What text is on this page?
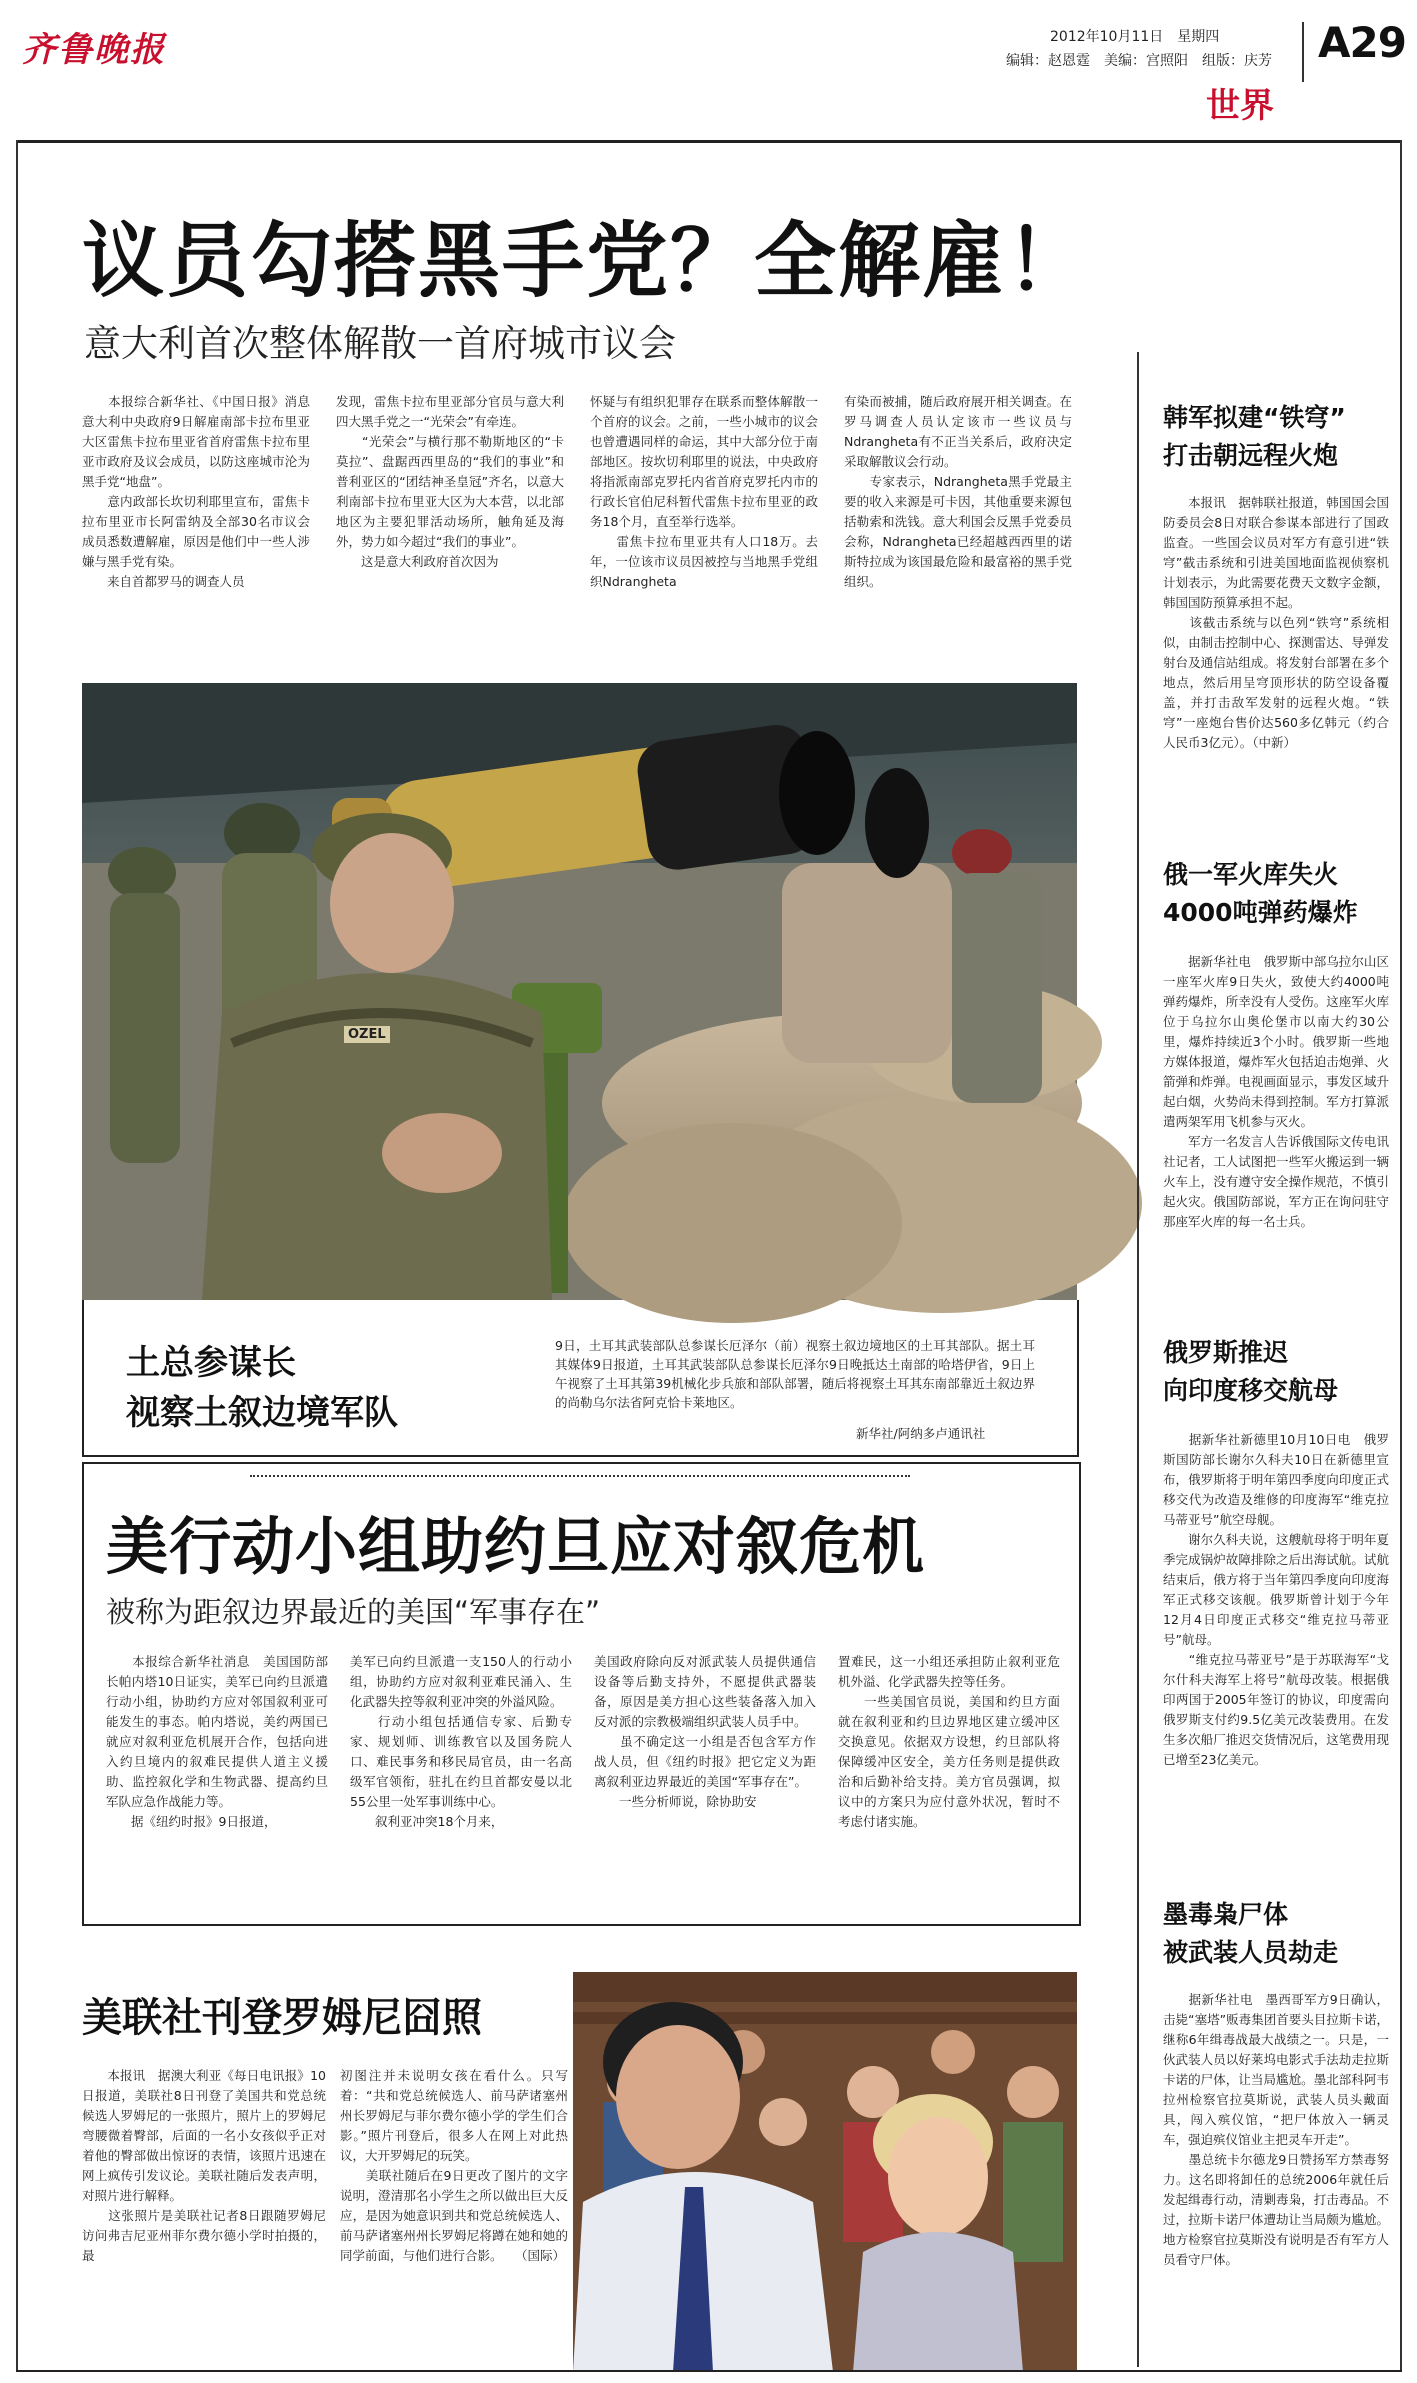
齐鲁晚报	2012年10月11日　星期四
编辑：赵恩霆　美编：宫照阳　组版：庆芳 A29
世界
议员勾搭黑手党？全解雇！
意大利首次整体解散一首府城市议会
　　本报综合新华社、《中国日报》消息　意大利中央政府9日解雇南部卡拉布里亚大区雷焦卡拉布里亚省首府雷焦卡拉布里亚市政府及议会成员，以防这座城市沦为黑手党“地盘”。
　　意内政部长坎切利耶里宣布，雷焦卡拉布里亚市长阿雷纳及全部30名市议会成员悉数遭解雇，原因是他们中一些人涉嫌与黑手党有染。
　　来自首都罗马的调查人员
发现，雷焦卡拉布里亚部分官员与意大利四大黑手党之一“光荣会”有牵连。
　　“光荣会”与横行那不勒斯地区的“卡莫拉”、盘踞西西里岛的“我们的事业”和普利亚区的“团结神圣皇冠”齐名，以意大利南部卡拉布里亚大区为大本营，以北部地区为主要犯罪活动场所，触角延及海外，势力如今超过“我们的事业”。
　　这是意大利政府首次因为
怀疑与有组织犯罪存在联系而整体解散一个首府的议会。之前，一些小城市的议会也曾遭遇同样的命运，其中大部分位于南部地区。按坎切利耶里的说法，中央政府将指派南部克罗托内省首府克罗托内市的行政长官伯尼科暂代雷焦卡拉布里亚的政务18个月，直至举行选举。
　　雷焦卡拉布里亚共有人口18万。去年，一位该市议员因被控与当地黑手党组织Ndrangheta
有染而被捕，随后政府展开相关调查。在罗马调查人员认定该市一些议员与Ndrangheta有不正当关系后，政府决定采取解散议会行动。
　　专家表示，Ndrangheta黑手党最主要的收入来源是可卡因，其他重要来源包括勒索和洗钱。意大利国会反黑手党委员会称，Ndrangheta已经超越西西里的诺斯特拉成为该国最危险和最富裕的黑手党组织。
OZEL
土总参谋长
视察土叙边境军队
9日，土耳其武装部队总参谋长厄泽尔（前）视察土叙边境地区的土耳其部队。据土耳其媒体9日报道，土耳其武装部队总参谋长厄泽尔9日晚抵达土南部的哈塔伊省，9日上午视察了土耳其第39机械化步兵旅和部队部署，随后将视察土耳其东南部靠近土叙边界的尚勒乌尔法省阿克恰卡莱地区。
新华社/阿纳多卢通讯社
美行动小组助约旦应对叙危机
被称为距叙边界最近的美国“军事存在”
　　本报综合新华社消息　美国国防部长帕内塔10日证实，美军已向约旦派遣行动小组，协助约方应对邻国叙利亚可能发生的事态。帕内塔说，美约两国已就应对叙利亚危机展开合作，包括向进入约旦境内的叙难民提供人道主义援助、监控叙化学和生物武器、提高约旦军队应急作战能力等。
　　据《纽约时报》9日报道，
美军已向约旦派遣一支150人的行动小组，协助约方应对叙利亚难民涌入、生化武器失控等叙利亚冲突的外溢风险。
　　行动小组包括通信专家、后勤专家、规划师、训练教官以及国务院人口、难民事务和移民局官员，由一名高级军官领衔，驻扎在约旦首都安曼以北55公里一处军事训练中心。
　　叙利亚冲突18个月来，
美国政府除向反对派武装人员提供通信设备等后勤支持外，不愿提供武器装备，原因是美方担心这些装备落入加入反对派的宗教极端组织武装人员手中。
　　虽不确定这一小组是否包含军方作战人员，但《纽约时报》把它定义为距离叙利亚边界最近的美国“军事存在”。
　　一些分析师说，除协助安
置难民，这一小组还承担防止叙利亚危机外溢、化学武器失控等任务。
　　一些美国官员说，美国和约旦方面就在叙利亚和约旦边界地区建立缓冲区交换意见。依据双方设想，约旦部队将保障缓冲区安全，美方任务则是提供政治和后勤补给支持。美方官员强调，拟议中的方案只为应付意外状况，暂时不考虑付诸实施。
美联社刊登罗姆尼囧照
　　本报讯　据澳大利亚《每日电讯报》10日报道，美联社8日刊登了美国共和党总统候选人罗姆尼的一张照片，照片上的罗姆尼弯腰微着臀部，后面的一名小女孩似乎正对着他的臀部做出惊讶的表情，该照片迅速在网上疯传引发议论。美联社随后发表声明，对照片进行解释。
　　这张照片是美联社记者8日跟随罗姆尼访问弗吉尼亚州菲尔费尔德小学时拍摄的，最
初图注并未说明女孩在看什么。只写着：“共和党总统候选人、前马萨诸塞州州长罗姆尼与菲尔费尔德小学的学生们合影。”照片刊登后，很多人在网上对此热议，大开罗姆尼的玩笑。
　　美联社随后在9日更改了图片的文字说明，澄清那名小学生之所以做出巨大反应，是因为她意识到共和党总统候选人、前马萨诸塞州州长罗姆尼将蹲在她和她的同学前面，与他们进行合影。　　（国际）
韩军拟建“铁穹”
打击朝远程火炮
　　本报讯　据韩联社报道，韩国国会国防委员会8日对联合参谋本部进行了国政监查。一些国会议员对军方有意引进“铁穹”截击系统和引进美国地面监视侦察机计划表示，为此需要花费天文数字金额，韩国国防预算承担不起。
　　该截击系统与以色列“铁穹”系统相似，由制击控制中心、探测雷达、导弹发射台及通信站组成。将发射台部署在多个地点，然后用呈穹顶形状的防空设备覆盖，并打击敌军发射的远程火炮。“铁穹”一座炮台售价达560多亿韩元（约合人民币3亿元）。（中新）
俄一军火库失火
4000吨弹药爆炸
　　据新华社电　俄罗斯中部乌拉尔山区一座军火库9日失火，致使大约4000吨弹药爆炸，所幸没有人受伤。这座军火库位于乌拉尔山奥伦堡市以南大约30公里，爆炸持续近3个小时。俄罗斯一些地方媒体报道，爆炸军火包括迫击炮弹、火箭弹和炸弹。电视画面显示，事发区域升起白烟，火势尚未得到控制。军方打算派遣两架军用飞机参与灭火。
　　军方一名发言人告诉俄国际文传电讯社记者，工人试图把一些军火搬运到一辆火车上，没有遵守安全操作规范，不慎引起火灾。俄国防部说，军方正在询问驻守那座军火库的每一名士兵。
俄罗斯推迟
向印度移交航母
　　据新华社新德里10月10日电　俄罗斯国防部长谢尔久科夫10日在新德里宣布，俄罗斯将于明年第四季度向印度正式移交代为改造及维修的印度海军“维克拉马蒂亚号”航空母舰。
　　谢尔久科夫说，这艘航母将于明年夏季完成锅炉故障排除之后出海试航。试航结束后，俄方将于当年第四季度向印度海军正式移交该舰。俄罗斯曾计划于今年12月4日印度正式移交“维克拉马蒂亚号”航母。
　　“维克拉马蒂亚号”是于苏联海军“戈尔什科夫海军上将号”航母改装。根据俄印两国于2005年签订的协议，印度需向俄罗斯支付约9.5亿美元改装费用。在发生多次船厂推迟交货情况后，这笔费用现已增至23亿美元。
墨毒枭尸体
被武装人员劫走
　　据新华社电　墨西哥军方9日确认，击毙“塞塔”贩毒集团首要头目拉斯卡诺，继称6年缉毒战最大战绩之一。只是，一伙武装人员以好莱坞电影式手法劫走拉斯卡诺的尸体，让当局尴尬。墨北部科阿韦拉州检察官拉莫斯说，武装人员头戴面具，闯入殡仪馆，“把尸体放入一辆灵车，强迫殡仪馆业主把灵车开走”。
　　墨总统卡尔德龙9日赞扬军方禁毒努力。这名即将卸任的总统2006年就任后发起缉毒行动，清剿毒枭，打击毒品。不过，拉斯卡诺尸体遭劫让当局颇为尴尬。地方检察官拉莫斯没有说明是否有军方人员看守尸体。
